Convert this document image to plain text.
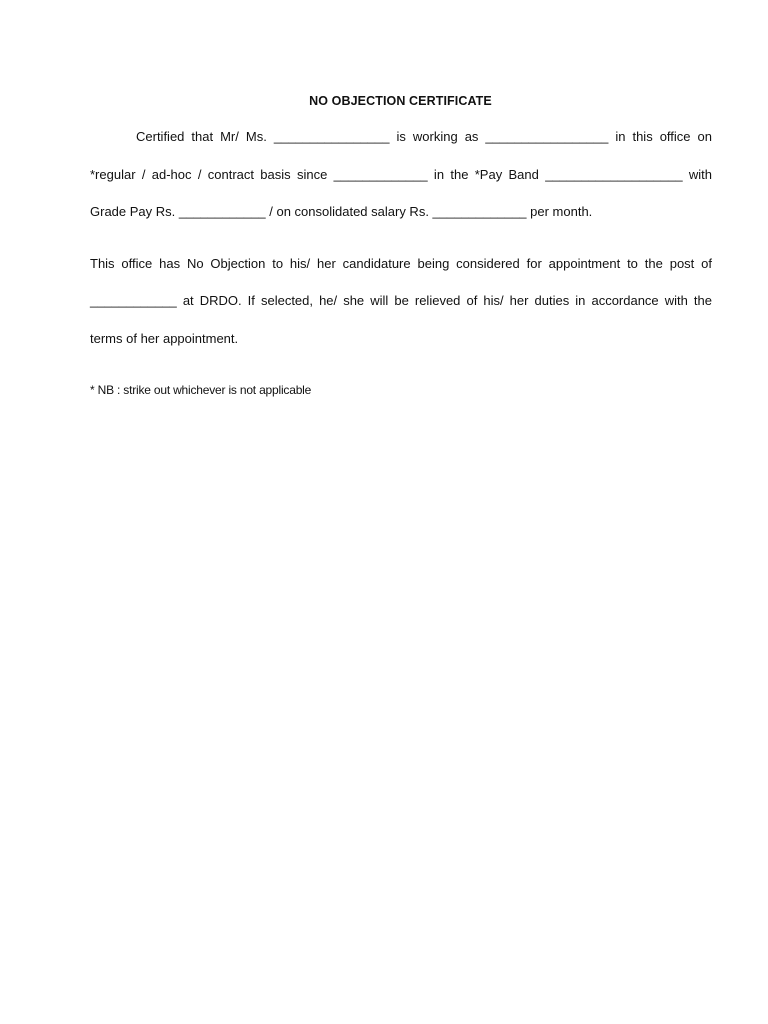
NO OBJECTION CERTIFICATE
Certified that Mr/ Ms. ________________ is working as _________________ in this office on
*regular / ad-hoc / contract basis since _____________ in the *Pay Band ___________________ with
Grade Pay Rs. ____________ / on consolidated salary Rs. _____________ per month.
This office has No Objection to his/ her candidature being considered for appointment to the post of
____________ at DRDO. If selected, he/ she will be relieved of his/ her duties in accordance with the
terms of her appointment.
* NB : strike out whichever is not applicable
